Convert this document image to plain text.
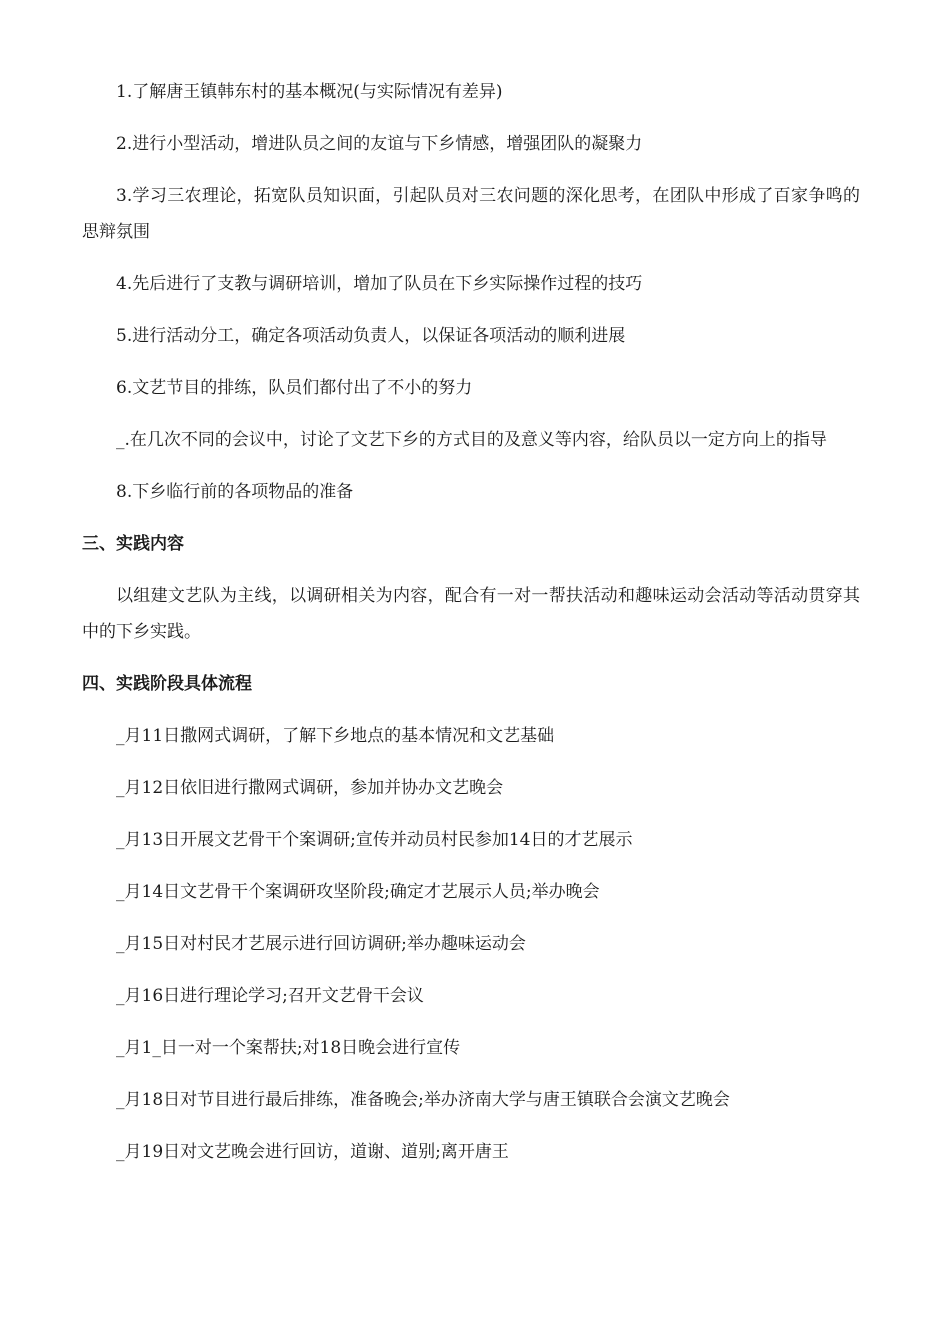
1.了解唐王镇韩东村的基本概况(与实际情况有差异)

2.进行小型活动，增进队员之间的友谊与下乡情感，增强团队的凝聚力

3.学习三农理论，拓宽队员知识面，引起队员对三农问题的深化思考，在团队中形成了百家争鸣的思辩氛围

4.先后进行了支教与调研培训，增加了队员在下乡实际操作过程的技巧

5.进行活动分工，确定各项活动负责人，以保证各项活动的顺利进展

6.文艺节目的排练，队员们都付出了不小的努力

_.在几次不同的会议中，讨论了文艺下乡的方式目的及意义等内容，给队员以一定方向上的指导

8.下乡临行前的各项物品的准备

三、实践内容

以组建文艺队为主线，以调研相关为内容，配合有一对一帮扶活动和趣味运动会活动等活动贯穿其中的下乡实践。

四、实践阶段具体流程

_月11日撒网式调研，了解下乡地点的基本情况和文艺基础

_月12日依旧进行撒网式调研，参加并协办文艺晚会

_月13日开展文艺骨干个案调研;宣传并动员村民参加14日的才艺展示

_月14日文艺骨干个案调研攻坚阶段;确定才艺展示人员;举办晚会

_月15日对村民才艺展示进行回访调研;举办趣味运动会

_月16日进行理论学习;召开文艺骨干会议

_月1_日一对一个案帮扶;对18日晚会进行宣传

_月18日对节目进行最后排练，准备晚会;举办济南大学与唐王镇联合会演文艺晚会

_月19日对文艺晚会进行回访，道谢、道别;离开唐王
